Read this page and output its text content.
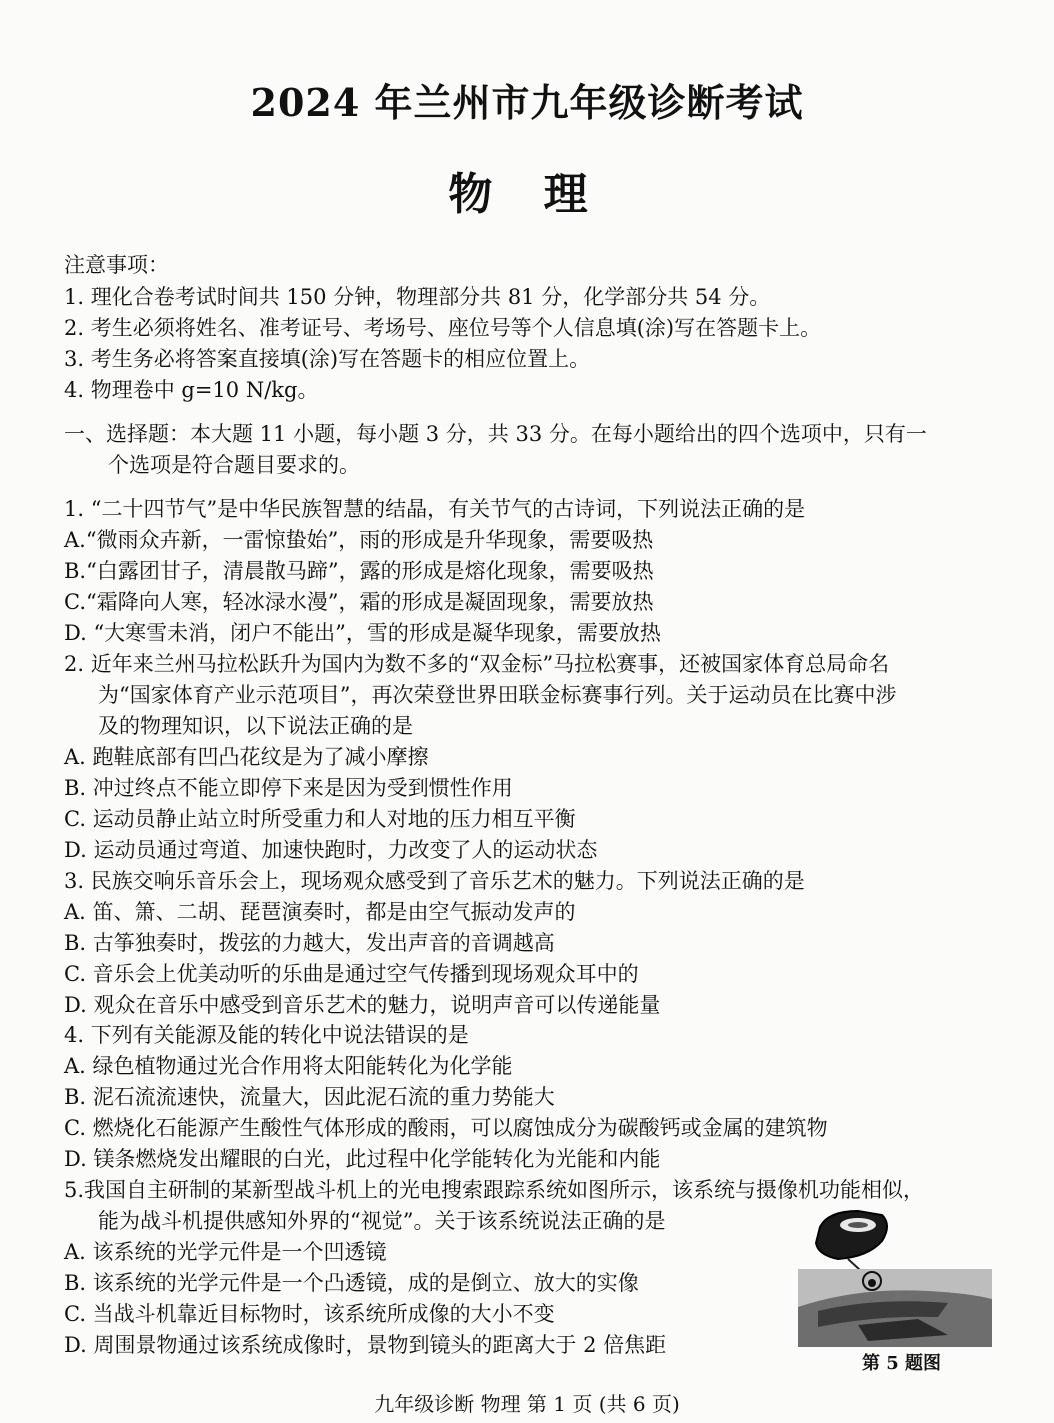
2024 年兰州市九年级诊断考试
物 理
注意事项：
1. 理化合卷考试时间共 150 分钟，物理部分共 81 分，化学部分共 54 分。
2. 考生必须将姓名、准考证号、考场号、座位号等个人信息填(涂)写在答题卡上。
3. 考生务必将答案直接填(涂)写在答题卡的相应位置上。
4. 物理卷中 g=10 N/kg。
一、选择题：本大题 11 小题，每小题 3 分，共 33 分。在每小题给出的四个选项中，只有一
个选项是符合题目要求的。
1. “二十四节气”是中华民族智慧的结晶，有关节气的古诗词，下列说法正确的是
A.“微雨众卉新，一雷惊蛰始”，雨的形成是升华现象，需要吸热
B.“白露团甘子，清晨散马蹄”，露的形成是熔化现象，需要吸热
C.“霜降向人寒，轻冰渌水漫”，霜的形成是凝固现象，需要放热
D. “大寒雪未消，闭户不能出”，雪的形成是凝华现象，需要放热
2. 近年来兰州马拉松跃升为国内为数不多的“双金标”马拉松赛事，还被国家体育总局命名
为“国家体育产业示范项目”，再次荣登世界田联金标赛事行列。关于运动员在比赛中涉
及的物理知识，以下说法正确的是
A. 跑鞋底部有凹凸花纹是为了减小摩擦
B. 冲过终点不能立即停下来是因为受到惯性作用
C. 运动员静止站立时所受重力和人对地的压力相互平衡
D. 运动员通过弯道、加速快跑时，力改变了人的运动状态
3. 民族交响乐音乐会上，现场观众感受到了音乐艺术的魅力。下列说法正确的是
A. 笛、箫、二胡、琵琶演奏时，都是由空气振动发声的
B. 古筝独奏时，拨弦的力越大，发出声音的音调越高
C. 音乐会上优美动听的乐曲是通过空气传播到现场观众耳中的
D. 观众在音乐中感受到音乐艺术的魅力，说明声音可以传递能量
4. 下列有关能源及能的转化中说法错误的是
A. 绿色植物通过光合作用将太阳能转化为化学能
B. 泥石流流速快，流量大，因此泥石流的重力势能大
C. 燃烧化石能源产生酸性气体形成的酸雨，可以腐蚀成分为碳酸钙或金属的建筑物
D. 镁条燃烧发出耀眼的白光，此过程中化学能转化为光能和内能
5.我国自主研制的某新型战斗机上的光电搜索跟踪系统如图所示，该系统与摄像机功能相似，
能为战斗机提供感知外界的“视觉”。关于该系统说法正确的是
A. 该系统的光学元件是一个凹透镜
B. 该系统的光学元件是一个凸透镜，成的是倒立、放大的实像
C. 当战斗机靠近目标物时，该系统所成像的大小不变
D. 周围景物通过该系统成像时，景物到镜头的距离大于 2 倍焦距
第 5 题图
九年级诊断 物理 第 1 页 (共 6 页)
